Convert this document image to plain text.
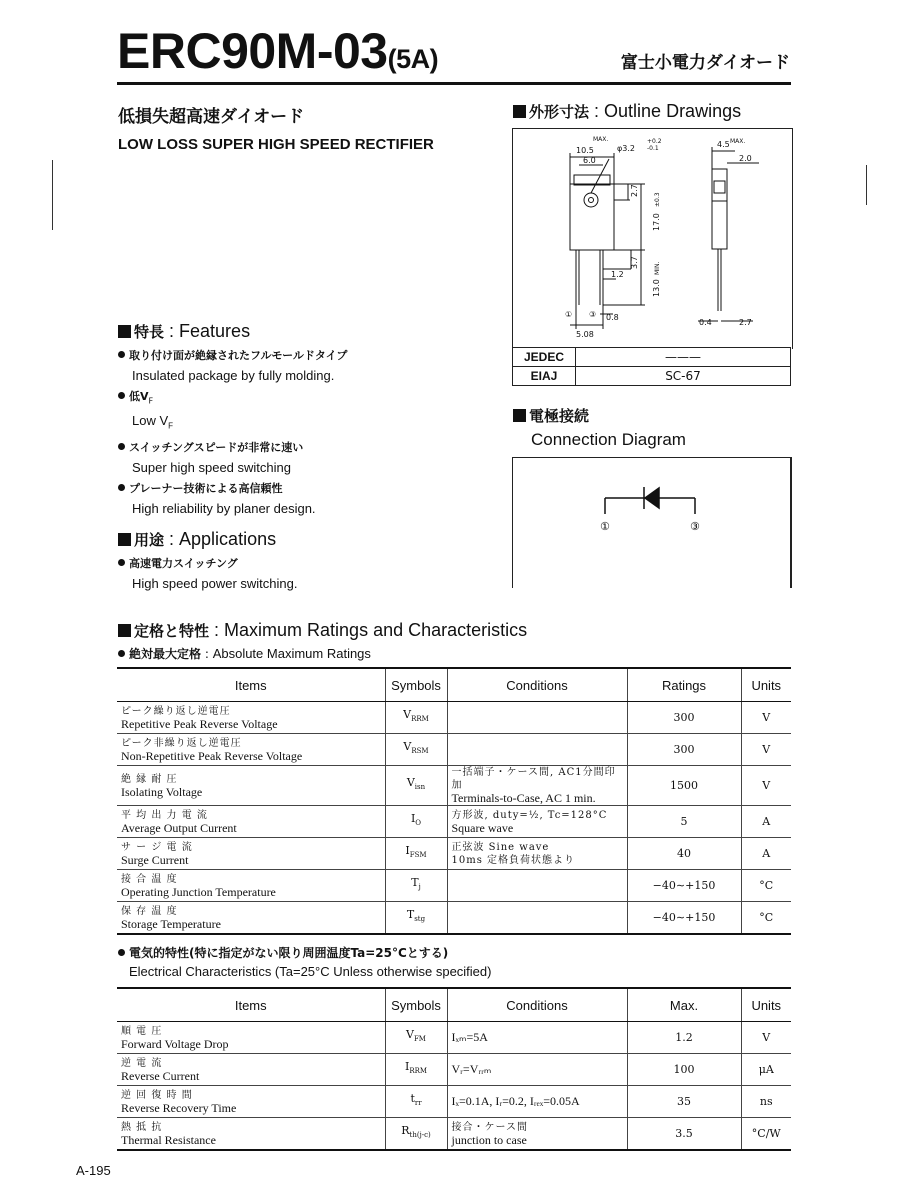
ERC90M-03(5A)	富士小電力ダイオード
低損失超高速ダイオード
LOW LOSS SUPER HIGH SPEED RECTIFIER
外形寸法 : Outline Drawings
10.5
MAX.
6.0
φ3.2
+0.2
-0.1	4.5 MAX.
2.0
2.7
0.4
1.2
0.8
5.08
① ③
2.7
17.0
±0.3
3.7
13.0
MIN.
JEDEC	———
EIAJ	SC-67
特長 : Features
取り付け面が絶縁されたフルモールドタイプ
Insulated package by fully molding.
低$V_F$
Low $V_F$
スイッチングスピードが非常に速い
Super high speed switching
プレーナー技術による高信頼性
High reliability by planer design.
用途 : Applications
高速電力スイッチング
High speed power switching.
電極接続
Connection Diagram
①	③
定格と特性 : Maximum Ratings and Characteristics
絶対最大定格 : Absolute Maximum Ratings
Items	Symbols	Conditions	Ratings	Units

ピーク繰り返し逆電圧
Repetitive Peak Reverse Voltage	$V_{RRM}$		300	V

ピーク非繰り返し逆電圧
Non-Repetitive Peak Reverse Voltage	$V_{RSM}$		300	V

絶 縁 耐 圧
Isolating Voltage	$V_{isn}$	一括端子・ケース間, AC1分間印加
Terminals-to-Case, AC 1 min.	1500	V

平 均 出 力 電 流
Average Output Current	$I_O$	方形波, duty=½, Tc=128°C
Square wave	5	A

サ ー ジ 電 流
Surge Current	$I_{FSM}$	正弦波 Sine wave
10ms 定格負荷状態より	40	A

接 合 温 度
Operating Junction Temperature	$T_j$		−40∼+150	°C

保 存 温 度
Storage Temperature	$T_{stg}$		−40∼+150	°C
電気的特性(特に指定がない限り周囲温度Ta=25°Cとする)
Electrical Characteristics (Ta=25°C Unless otherwise specified)
Items	Symbols	Conditions	Max.	Units

順 電 圧
Forward Voltage Drop	$V_{FM}$	Iₓₘ=5A	1.2	V

逆 電 流
Reverse Current	$I_{RRM}$	Vᵣ=Vᵣᵣₘ	100	μA

逆 回 復 時 間
Reverse Recovery Time	$t_{rr}$	Iₓ=0.1A, Iᵣ=0.2, Iᵣₑₓ=0.05A	35	ns

熱 抵 抗
Thermal Resistance	$R_{th(j-c)}$	接合・ケース間
junction to case	3.5	°C/W
A-195
